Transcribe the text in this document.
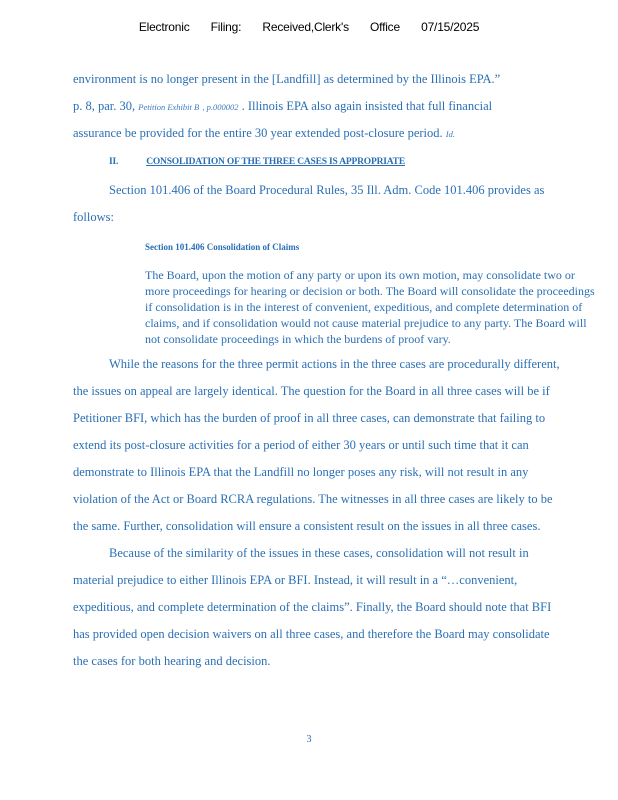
Electronic Filing: Received,Clerk's Office 07/15/2025
environment is no longer present in the [Landfill] as determined by the Illinois EPA.”
p. 8, par. 30, Petition Exhibit B , p.000002 . Illinois EPA also again insisted that full financial
assurance be provided for the entire 30 year extended post-closure period. Id.
II.	CONSOLIDATION OF THE THREE CASES IS APPROPRIATE
Section 101.406 of the Board Procedural Rules, 35 Ill. Adm. Code 101.406 provides as
follows:
Section 101.406 Consolidation of Claims

The Board, upon the motion of any party or upon its own motion, may consolidate two or more proceedings for hearing or decision or both. The Board will consolidate the proceedings if consolidation is in the interest of convenient, expeditious, and complete determination of claims, and if consolidation would not cause material prejudice to any party. The Board will not consolidate proceedings in which the burdens of proof vary.

While the reasons for the three permit actions in the three cases are procedurally different,
the issues on appeal are largely identical. The question for the Board in all three cases will be if
Petitioner BFI, which has the burden of proof in all three cases, can demonstrate that failing to
extend its post-closure activities for a period of either 30 years or until such time that it can
demonstrate to Illinois EPA that the Landfill no longer poses any risk, will not result in any
violation of the Act or Board RCRA regulations. The witnesses in all three cases are likely to be
the same. Further, consolidation will ensure a consistent result on the issues in all three cases.
Because of the similarity of the issues in these cases, consolidation will not result in
material prejudice to either Illinois EPA or BFI. Instead, it will result in a “…convenient,
expeditious, and complete determination of the claims”. Finally, the Board should note that BFI
has provided open decision waivers on all three cases, and therefore the Board may consolidate
the cases for both hearing and decision.
3
